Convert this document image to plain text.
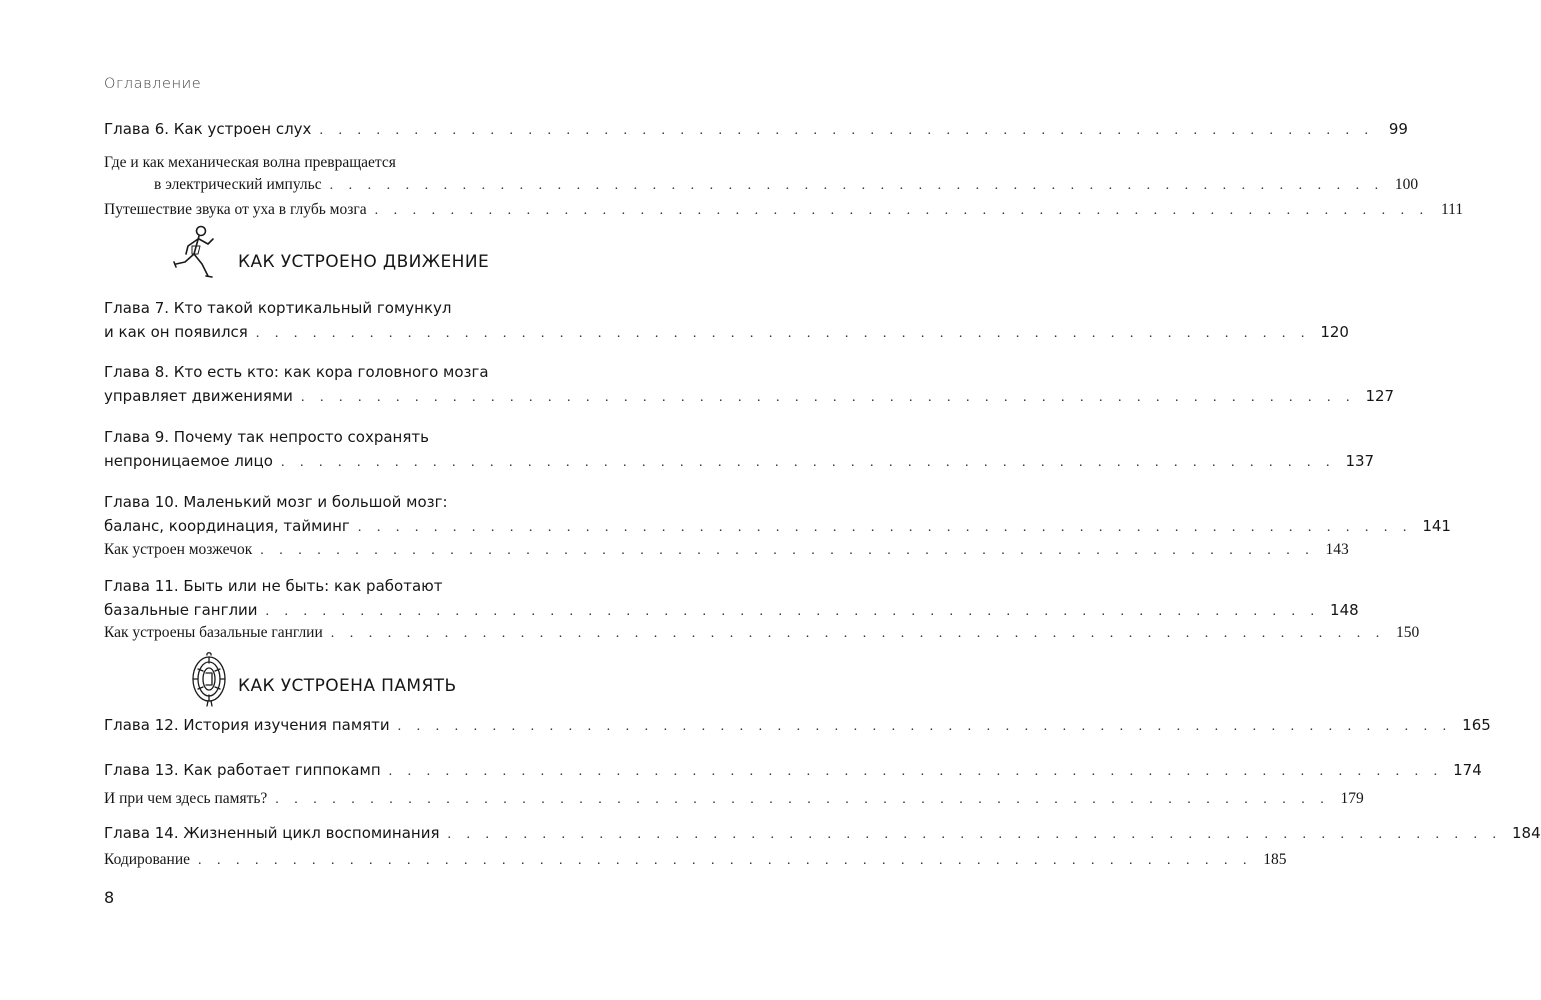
Оглавление
Глава 6. Как устроен слух . . . . . . . . . . . . . . . . . . . . . . . . . . . . . . . . . . . . . . . . . . . . . . . . . . . . . . . . 99
Где и как механическая волна превращается
в электрический импульс . . . . . . . . . . . . . . . . . . . . . . . . . . . . . . . . . . . . . . . . . . . . . . . . . . . . . . . . 100
Путешествие звука от уха в глубь мозга . . . . . . . . . . . . . . . . . . . . . . . . . . . . . . . . . . . . . . . . . . . . . . . . . . . . . . . . 111
КАК УСТРОЕНО ДВИЖЕНИЕ
Глава 7. Кто такой кортикальный гомункул
и как он появился . . . . . . . . . . . . . . . . . . . . . . . . . . . . . . . . . . . . . . . . . . . . . . . . . . . . . . . . 120
Глава 8. Кто есть кто: как кора головного мозга
управляет движениями . . . . . . . . . . . . . . . . . . . . . . . . . . . . . . . . . . . . . . . . . . . . . . . . . . . . . . . . 127
Глава 9. Почему так непросто сохранять
непроницаемое лицо . . . . . . . . . . . . . . . . . . . . . . . . . . . . . . . . . . . . . . . . . . . . . . . . . . . . . . . . 137
Глава 10. Маленький мозг и большой мозг:
баланс, координация, тайминг . . . . . . . . . . . . . . . . . . . . . . . . . . . . . . . . . . . . . . . . . . . . . . . . . . . . . . . . 141
Как устроен мозжечок . . . . . . . . . . . . . . . . . . . . . . . . . . . . . . . . . . . . . . . . . . . . . . . . . . . . . . . . 143
Глава 11. Быть или не быть: как работают
базальные ганглии . . . . . . . . . . . . . . . . . . . . . . . . . . . . . . . . . . . . . . . . . . . . . . . . . . . . . . . . 148
Как устроены базальные ганглии . . . . . . . . . . . . . . . . . . . . . . . . . . . . . . . . . . . . . . . . . . . . . . . . . . . . . . . . 150
КАК УСТРОЕНА ПАМЯТЬ
Глава 12. История изучения памяти . . . . . . . . . . . . . . . . . . . . . . . . . . . . . . . . . . . . . . . . . . . . . . . . . . . . . . . . 165
Глава 13. Как работает гиппокамп . . . . . . . . . . . . . . . . . . . . . . . . . . . . . . . . . . . . . . . . . . . . . . . . . . . . . . . . 174
И при чем здесь память? . . . . . . . . . . . . . . . . . . . . . . . . . . . . . . . . . . . . . . . . . . . . . . . . . . . . . . . . 179
Глава 14. Жизненный цикл воспоминания . . . . . . . . . . . . . . . . . . . . . . . . . . . . . . . . . . . . . . . . . . . . . . . . . . . . . . . . 184
Кодирование . . . . . . . . . . . . . . . . . . . . . . . . . . . . . . . . . . . . . . . . . . . . . . . . . . . . . . . . 185
8
